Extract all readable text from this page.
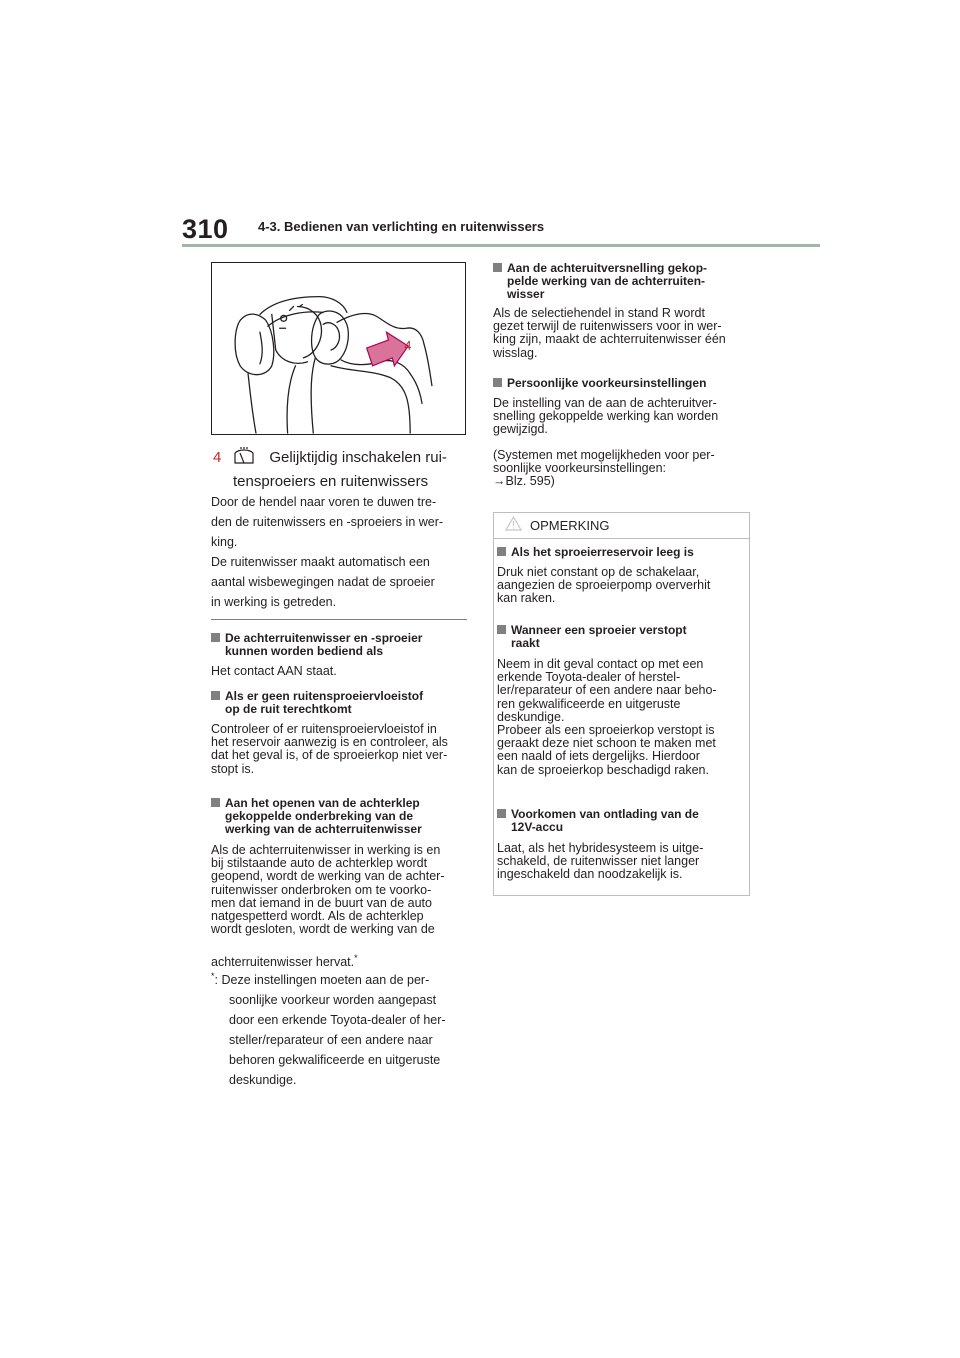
310 4-3. Bedienen van verlichting en ruitenwissers
4
4	Gelijktijdig inschakelen rui-
tensproeiers en ruitenwissers
Door de hendel naar voren te duwen tre-
den de ruitenwissers en -sproeiers in wer-
king.
De ruitenwisser maakt automatisch een
aantal wisbewegingen nadat de sproeier
in werking is getreden.
De achterruitenwisser en -sproeier
kunnen worden bediend als
Het contact AAN staat.
Als er geen ruitensproeiervloeistof
op de ruit terechtkomt
Controleer of er ruitensproeiervloeistof in
het reservoir aanwezig is en controleer, als
dat het geval is, of de sproeierkop niet ver-
stopt is.
Aan het openen van de achterklep
gekoppelde onderbreking van de
werking van de achterruitenwisser
Als de achterruitenwisser in werking is en
bij stilstaande auto de achterklep wordt
geopend, wordt de werking van de achter-
ruitenwisser onderbroken om te voorko-
men dat iemand in de buurt van de auto
natgespetterd wordt. Als de achterklep
wordt gesloten, wordt de werking van de
achterruitenwisser hervat.*
*: Deze instellingen moeten aan de per-
soonlijke voorkeur worden aangepast
door een erkende Toyota-dealer of her-
steller/reparateur of een andere naar
behoren gekwalificeerde en uitgeruste
deskundige.
Aan de achteruitversnelling gekop-
pelde werking van de achterruiten-
wisser
Als de selectiehendel in stand R wordt
gezet terwijl de ruitenwissers voor in wer-
king zijn, maakt de achterruitenwisser één
wisslag.
Persoonlijke voorkeursinstellingen
De instelling van de aan de achteruitver-
snelling gekoppelde werking kan worden
gewijzigd.
(Systemen met mogelijkheden voor per-
soonlijke voorkeursinstellingen:
→Blz. 595)
OPMERKING
Als het sproeierreservoir leeg is
Druk niet constant op de schakelaar,
aangezien de sproeierpomp oververhit
kan raken.
Wanneer een sproeier verstopt
raakt
Neem in dit geval contact op met een
erkende Toyota-dealer of herstel-
ler/reparateur of een andere naar beho-
ren gekwalificeerde en uitgeruste
deskundige.
Probeer als een sproeierkop verstopt is
geraakt deze niet schoon te maken met
een naald of iets dergelijks. Hierdoor
kan de sproeierkop beschadigd raken.
Voorkomen van ontlading van de
12V-accu
Laat, als het hybridesysteem is uitge-
schakeld, de ruitenwisser niet langer
ingeschakeld dan noodzakelijk is.
